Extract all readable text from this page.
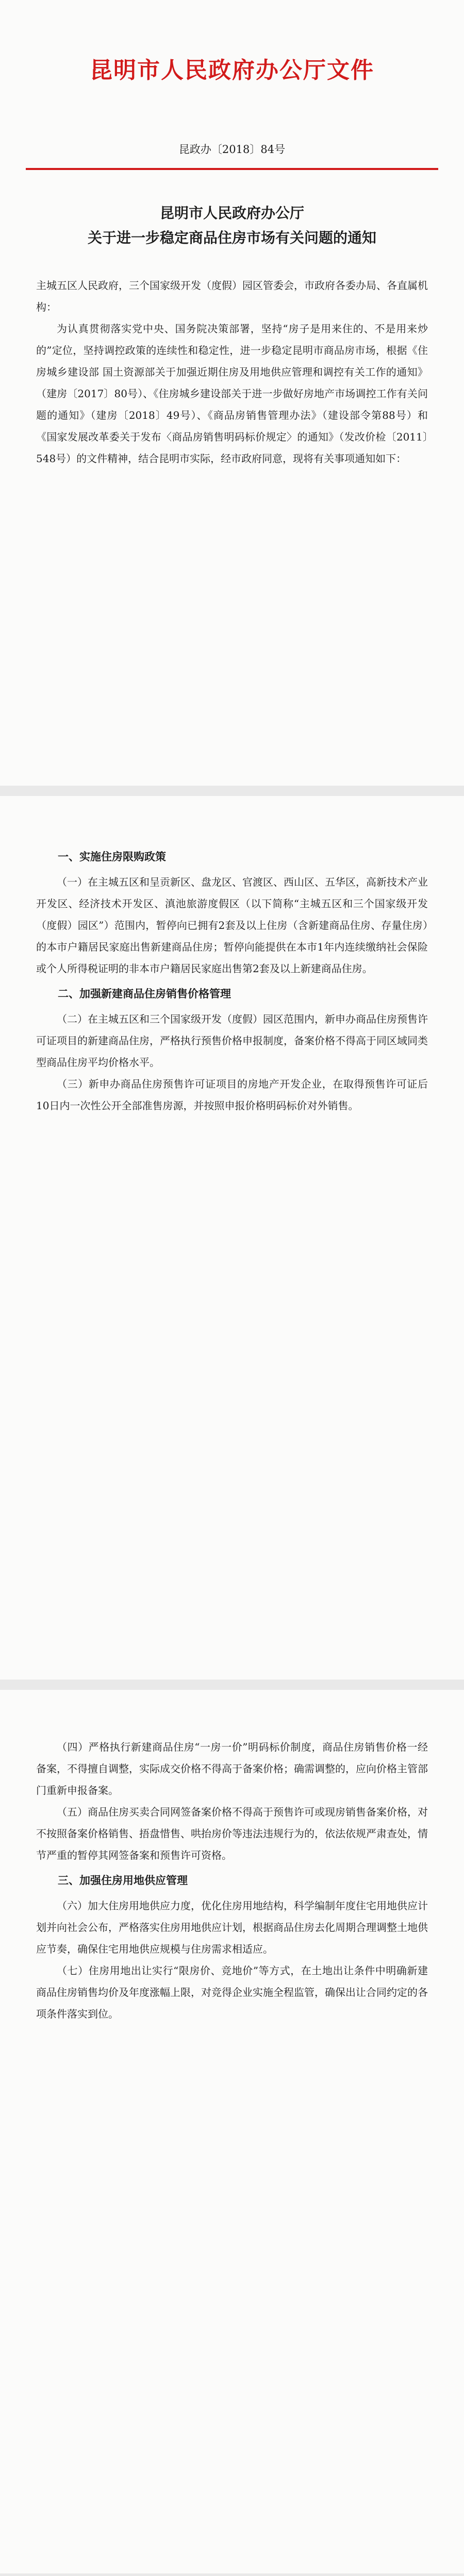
昆明市人民政府办公厅文件
昆政办〔2018〕84号
昆明市人民政府办公厅
关于进一步稳定商品住房市场有关问题的通知
主城五区人民政府，三个国家级开发（度假）园区管委会，市政府各委办局、各直属机构：

为认真贯彻落实党中央、国务院决策部署，坚持“房子是用来住的、不是用来炒的”定位，坚持调控政策的连续性和稳定性，进一步稳定昆明市商品房市场，根据《住房城乡建设部 国土资源部关于加强近期住房及用地供应管理和调控有关工作的通知》（建房〔2017〕80号）、《住房城乡建设部关于进一步做好房地产市场调控工作有关问题的通知》（建房〔2018〕49号）、《商品房销售管理办法》（建设部令第88号）和《国家发展改革委关于发布〈商品房销售明码标价规定〉的通知》（发改价检〔2011〕548号）的文件精神，结合昆明市实际，经市政府同意，现将有关事项通知如下：

一、实施住房限购政策

（一）在主城五区和呈贡新区、盘龙区、官渡区、西山区、五华区，高新技术产业开发区、经济技术开发区、滇池旅游度假区（以下简称“主城五区和三个国家级开发（度假）园区”）范围内，暂停向已拥有2套及以上住房（含新建商品住房、存量住房）的本市户籍居民家庭出售新建商品住房；暂停向能提供在本市1年内连续缴纳社会保险或个人所得税证明的非本市户籍居民家庭出售第2套及以上新建商品住房。

二、加强新建商品住房销售价格管理

（二）在主城五区和三个国家级开发（度假）园区范围内，新申办商品住房预售许可证项目的新建商品住房，严格执行预售价格申报制度，备案价格不得高于同区域同类型商品住房平均价格水平。

（三）新申办商品住房预售许可证项目的房地产开发企业，在取得预售许可证后10日内一次性公开全部准售房源，并按照申报价格明码标价对外销售。

（四）严格执行新建商品住房“一房一价”明码标价制度，商品住房销售价格一经备案，不得擅自调整，实际成交价格不得高于备案价格；确需调整的，应向价格主管部门重新申报备案。

（五）商品住房买卖合同网签备案价格不得高于预售许可或现房销售备案价格，对不按照备案价格销售、捂盘惜售、哄抬房价等违法违规行为的，依法依规严肃查处，情节严重的暂停其网签备案和预售许可资格。

三、加强住房用地供应管理

（六）加大住房用地供应力度，优化住房用地结构，科学编制年度住宅用地供应计划并向社会公布，严格落实住房用地供应计划，根据商品住房去化周期合理调整土地供应节奏，确保住宅用地供应规模与住房需求相适应。

（七）住房用地出让实行“限房价、竞地价”等方式，在土地出让条件中明确新建商品住房销售均价及年度涨幅上限，对竞得企业实施全程监管，确保出让合同约定的各项条件落实到位。
